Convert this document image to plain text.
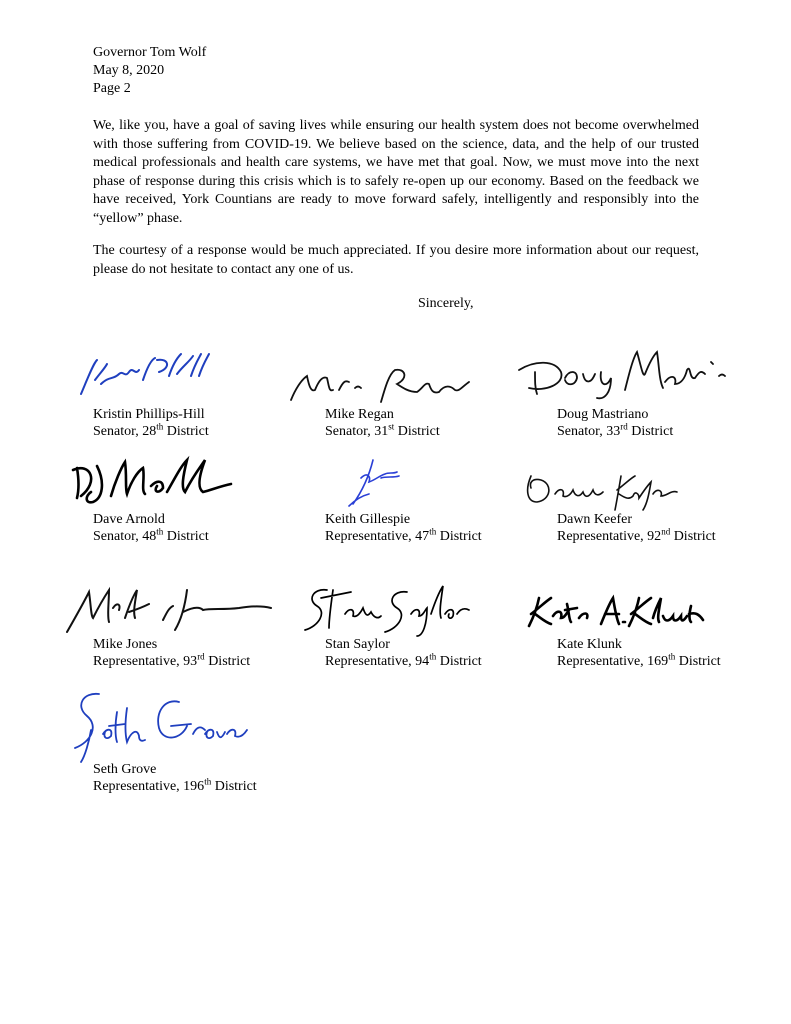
Governor Tom Wolf
May 8, 2020
Page 2
We, like you, have a goal of saving lives while ensuring our health system does not become overwhelmed with those suffering from COVID-19. We believe based on the science, data, and the help of our trusted medical professionals and health care systems, we have met that goal. Now, we must move into the next phase of response during this crisis which is to safely re-open up our economy. Based on the feedback we have received, York Countians are ready to move forward safely, intelligently and responsibly into the “yellow” phase.
The courtesy of a response would be much appreciated. If you desire more information about our request, please do not hesitate to contact any one of us.
Sincerely,
Kristin Phillips-Hill
Senator, 28th District
Mike Regan
Senator, 31st District
Doug Mastriano
Senator, 33rd District
Dave Arnold
Senator, 48th District
Keith Gillespie
Representative, 47th District
Dawn Keefer
Representative, 92nd District
Mike Jones
Representative, 93rd District
Stan Saylor
Representative, 94th District
Kate Klunk
Representative, 169th District
Seth Grove
Representative, 196th District
